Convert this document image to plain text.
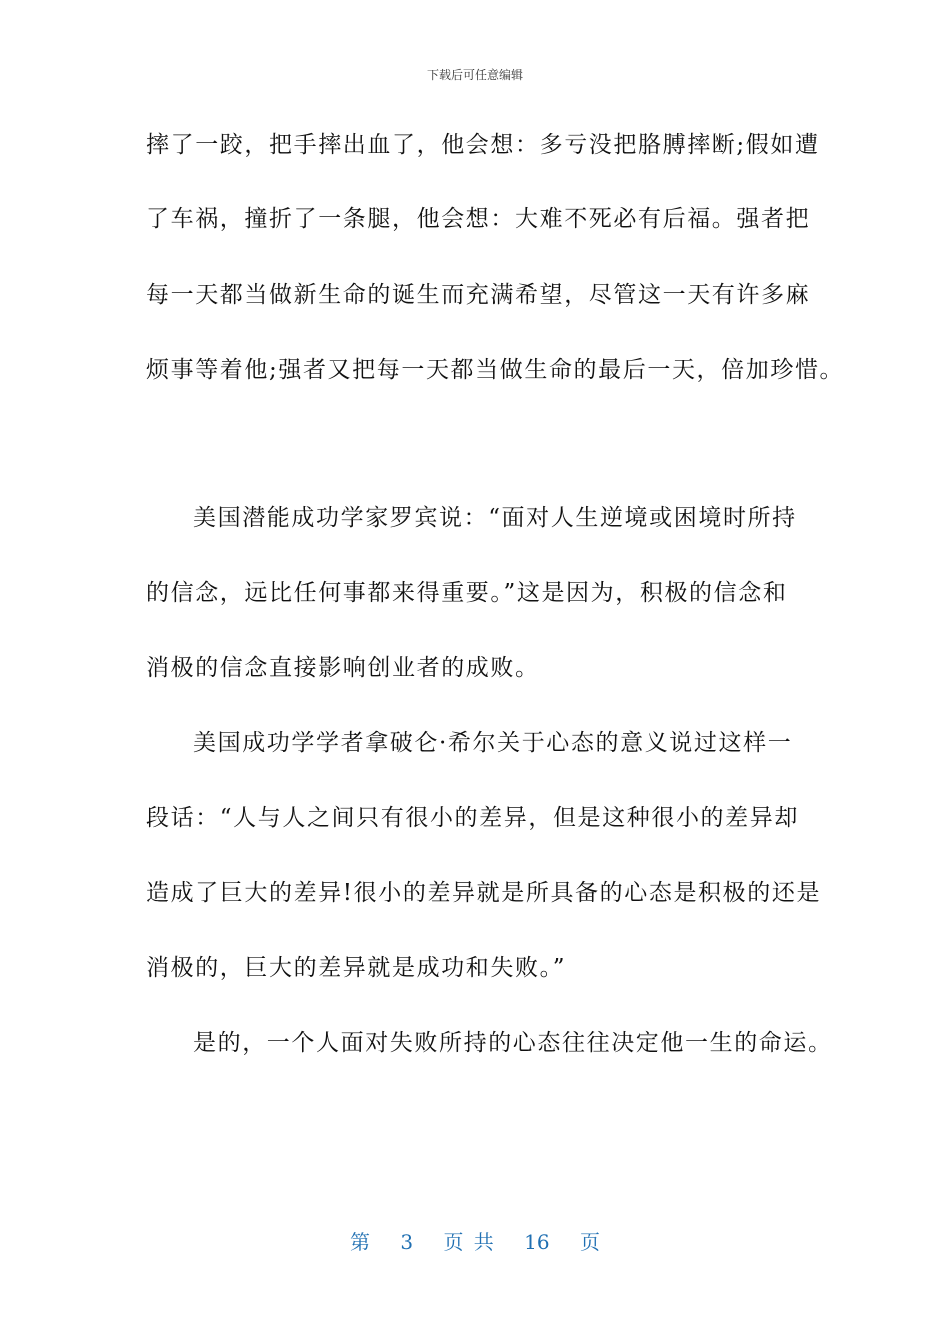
下载后可任意编辑
摔了一跤，把手摔出血了，他会想：多亏没把胳膊摔断;假如遭
了车祸，撞折了一条腿，他会想：大难不死必有后福。强者把
每一天都当做新生命的诞生而充满希望，尽管这一天有许多麻
烦事等着他;强者又把每一天都当做生命的最后一天，倍加珍惜。
美国潜能成功学家罗宾说：“面对人生逆境或困境时所持
的信念，远比任何事都来得重要。”这是因为，积极的信念和
消极的信念直接影响创业者的成败。
美国成功学学者拿破仑·希尔关于心态的意义说过这样一
段话：“人与人之间只有很小的差异，但是这种很小的差异却
造成了巨大的差异!很小的差异就是所具备的心态是积极的还是
消极的，巨大的差异就是成功和失败。”
是的，一个人面对失败所持的心态往往决定他一生的命运。
第 3 页 共 16 页
